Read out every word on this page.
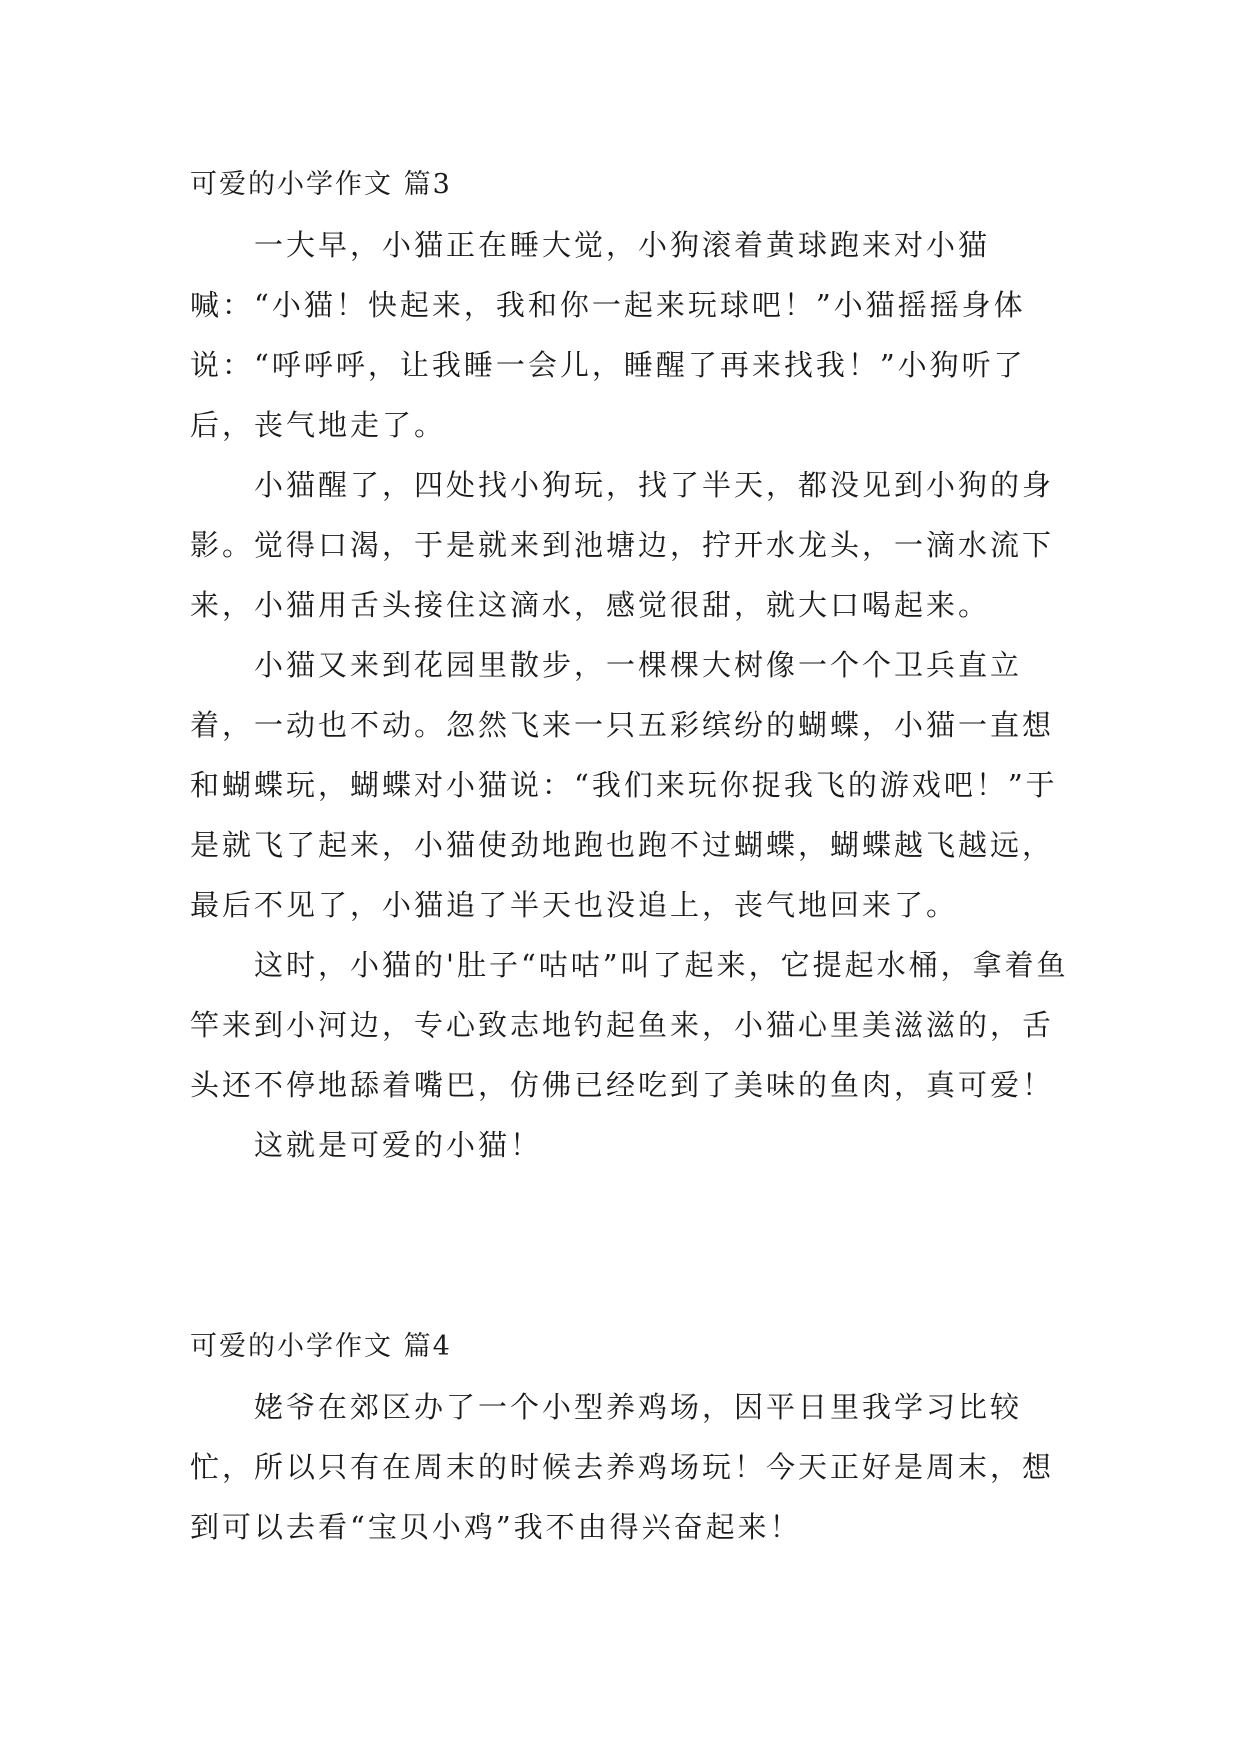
可爱的小学作文 篇3

一大早，小猫正在睡大觉，小狗滚着黄球跑来对小猫喊：“小猫！快起来，我和你一起来玩球吧！”小猫摇摇身体说：“呼呼呼，让我睡一会儿，睡醒了再来找我！”小狗听了后，丧气地走了。

小猫醒了，四处找小狗玩，找了半天，都没见到小狗的身影。觉得口渴，于是就来到池塘边，拧开水龙头，一滴水流下来，小猫用舌头接住这滴水，感觉很甜，就大口喝起来。

小猫又来到花园里散步，一棵棵大树像一个个卫兵直立着，一动也不动。忽然飞来一只五彩缤纷的蝴蝶，小猫一直想和蝴蝶玩，蝴蝶对小猫说：“我们来玩你捉我飞的游戏吧！”于是就飞了起来，小猫使劲地跑也跑不过蝴蝶，蝴蝶越飞越远，最后不见了，小猫追了半天也没追上，丧气地回来了。

这时，小猫的'肚子“咕咕”叫了起来，它提起水桶，拿着鱼竿来到小河边，专心致志地钓起鱼来，小猫心里美滋滋的，舌头还不停地舔着嘴巴，仿佛已经吃到了美味的鱼肉，真可爱！

这就是可爱的小猫！

可爱的小学作文 篇4

姥爷在郊区办了一个小型养鸡场，因平日里我学习比较忙，所以只有在周末的时候去养鸡场玩！今天正好是周末，想到可以去看“宝贝小鸡”我不由得兴奋起来！
